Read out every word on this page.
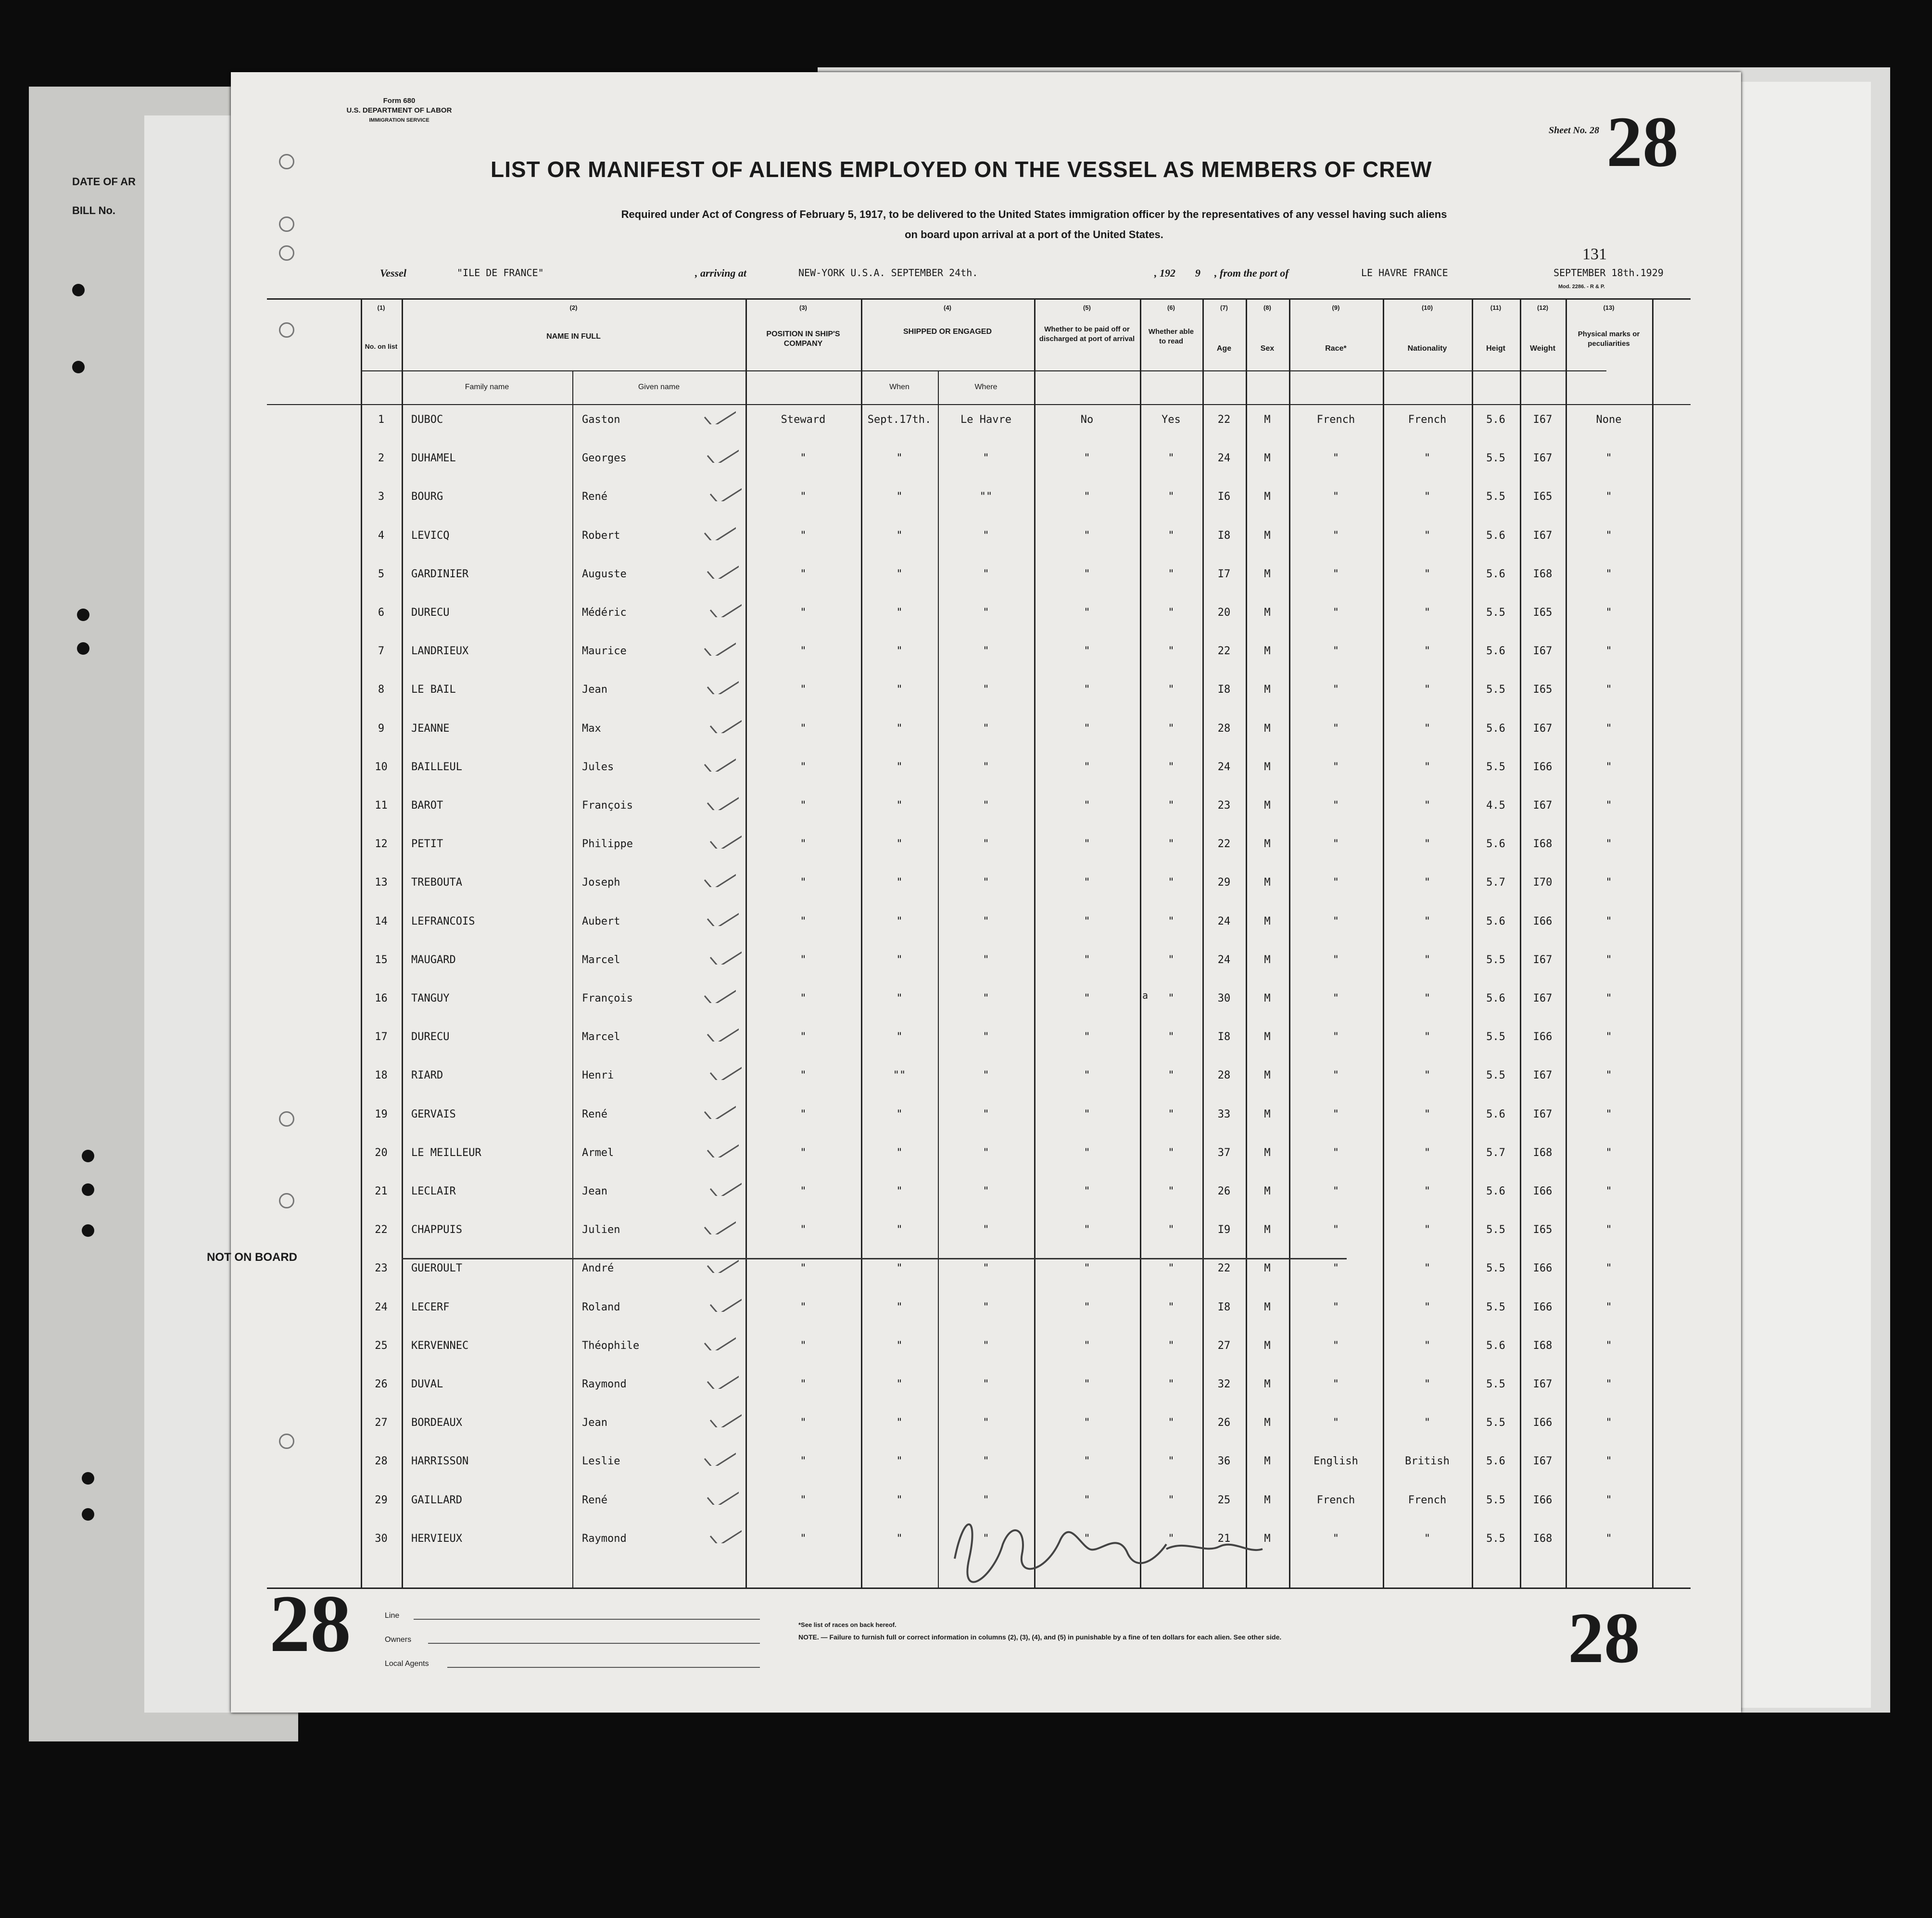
DATE OF AR
BILL No.
Form 680
U.S. DEPARTMENT OF LABOR
IMMIGRATION SERVICE
LIST OR MANIFEST OF ALIENS EMPLOYED ON THE VESSEL AS MEMBERS OF CREW
Required under Act of Congress of February 5, 1917, to be delivered to the United States immigration officer by the representatives of any vessel having such aliens
on board upon arrival at a port of the United States.
Sheet No. 28 28
131
Vessel	"ILE DE FRANCE"	, arriving at	NEW-YORK U.S.A. SEPTEMBER 24th.	, 192 9 , from the port of	LE HAVRE FRANCE	SEPTEMBER 18th.1929
Mod. 2286. - R & P.
(1)	(2)	(3)	(4)	(5)	(6)	(7)	(8)	(9)	(10)	(11)	(12)	(13)
No. on list
NAME IN FULL
Family name	Given name
POSITION IN SHIP'S COMPANY
SHIPPED OR ENGAGED
When	Where
Whether to be paid off or discharged at port of arrival
Whether able to read
Age	Sex	Race*	Nationality	Heigt	Weight
Physical marks or peculiarities
1	DUBOC	Gaston	Steward	Sept.17th.	Le Havre	No	Yes	22	M	French	French	5.6	I67	None
2	DUHAMEL	Georges	"	"	"	"	"	24	M	"	"	5.5	I67	"
3	BOURG	René	"	"	""	"	"	I6	M	"	"	5.5	I65	"
4	LEVICQ	Robert	"	"	"	"	"	I8	M	"	"	5.6	I67	"
5	GARDINIER	Auguste	"	"	"	"	"	I7	M	"	"	5.6	I68	"
6	DURECU	Médéric	"	"	"	"	"	20	M	"	"	5.5	I65	"
7	LANDRIEUX	Maurice	"	"	"	"	"	22	M	"	"	5.6	I67	"
8	LE BAIL	Jean	"	"	"	"	"	I8	M	"	"	5.5	I65	"
9	JEANNE	Max	"	"	"	"	"	28	M	"	"	5.6	I67	"
10	BAILLEUL	Jules	"	"	"	"	"	24	M	"	"	5.5	I66	"
11	BAROT	François	"	"	"	"	"	23	M	"	"	4.5	I67	"
12	PETIT	Philippe	"	"	"	"	"	22	M	"	"	5.6	I68	"
13	TREBOUTA	Joseph	"	"	"	"	"	29	M	"	"	5.7	I70	"
14	LEFRANCOIS	Aubert	"	"	"	"	"	24	M	"	"	5.6	I66	"
15	MAUGARD	Marcel	"	"	"	"	"	24	M	"	"	5.5	I67	"
16	TANGUY	François	"	"	"	"	"	30	M	"	"	5.6	I67	"
17	DURECU	Marcel	"	"	"	"	"	I8	M	"	"	5.5	I66	"
18	RIARD	Henri	"	""	"	"	"	28	M	"	"	5.5	I67	"
19	GERVAIS	René	"	"	"	"	"	33	M	"	"	5.6	I67	"
20	LE MEILLEUR	Armel	"	"	"	"	"	37	M	"	"	5.7	I68	"
21	LECLAIR	Jean	"	"	"	"	"	26	M	"	"	5.6	I66	"
22	CHAPPUIS	Julien	"	"	"	"	"	I9	M	"	"	5.5	I65	"
23	GUEROULT	André	"	"	"	"	"	22	M	"	"	5.5	I66	"
24	LECERF	Roland	"	"	"	"	"	I8	M	"	"	5.5	I66	"
25	KERVENNEC	Théophile	"	"	"	"	"	27	M	"	"	5.6	I68	"
26	DUVAL	Raymond	"	"	"	"	"	32	M	"	"	5.5	I67	"
27	BORDEAUX	Jean	"	"	"	"	"	26	M	"	"	5.5	I66	"
28	HARRISSON	Leslie	"	"	"	"	"	36	M	English	British	5.6	I67	"
29	GAILLARD	René	"	"	"	"	"	25	M	French	French	5.5	I66	"
30	HERVIEUX	Raymond	"	"	"	"	"	21	M	"	"	5.5	I68	"
NOT ON BOARD
a
28	28
Line
Owners
Local Agents
*See list of races on back hereof.
NOTE. — Failure to furnish full or correct information in columns (2), (3), (4), and (5) in punishable by a fine of ten dollars for each alien. See other side.
